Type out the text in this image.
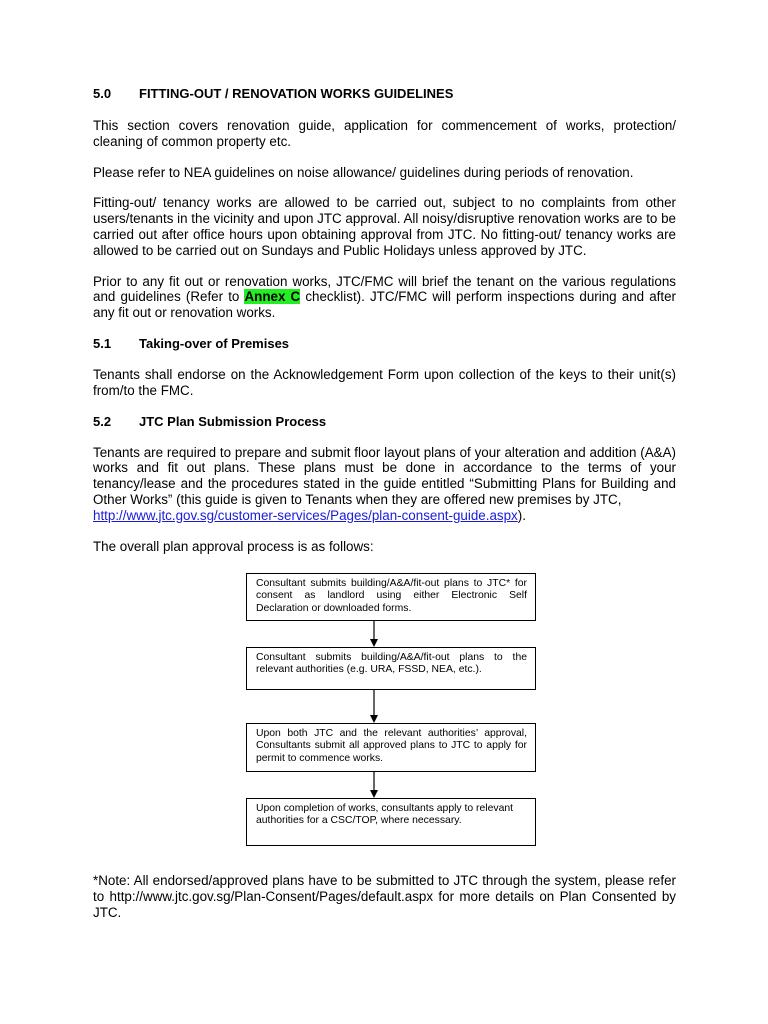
5.0 FITTING-OUT / RENOVATION WORKS GUIDELINES

This section covers renovation guide, application for commencement of works, protection/ cleaning of common property etc.

Please refer to NEA guidelines on noise allowance/ guidelines during periods of renovation.

Fitting-out/ tenancy works are allowed to be carried out, subject to no complaints from other users/tenants in the vicinity and upon JTC approval. All noisy/disruptive renovation works are to be carried out after office hours upon obtaining approval from JTC. No fitting-out/ tenancy works are allowed to be carried out on Sundays and Public Holidays unless approved by JTC.

Prior to any fit out or renovation works, JTC/FMC will brief the tenant on the various regulations and guidelines (Refer to Annex C checklist). JTC/FMC will perform inspections during and after any fit out or renovation works.

5.1 Taking-over of Premises

Tenants shall endorse on the Acknowledgement Form upon collection of the keys to their unit(s) from/to the FMC.

5.2 JTC Plan Submission Process

Tenants are required to prepare and submit floor layout plans of your alteration and addition (A&A) works and fit out plans. These plans must be done in accordance to the terms of your tenancy/lease and the procedures stated in the guide entitled “Submitting Plans for Building and Other Works” (this guide is given to Tenants when they are offered new premises by JTC,
http://www.jtc.gov.sg/customer-services/Pages/plan-consent-guide.aspx).

The overall plan approval process is as follows:

Consultant submits building/A&A/fit-out plans to JTC* for consent as landlord using either Electronic Self Declaration or downloaded forms.
Consultant submits building/A&A/fit-out plans to the relevant authorities (e.g. URA, FSSD, NEA, etc.).
Upon both JTC and the relevant authorities’ approval, Consultants submit all approved plans to JTC to apply for permit to commence works.
Upon completion of works, consultants apply to relevant authorities for a CSC/TOP, where necessary.

*Note: All endorsed/approved plans have to be submitted to JTC through the system, please refer to http://www.jtc.gov.sg/Plan-Consent/Pages/default.aspx for more details on Plan Consented by JTC.
